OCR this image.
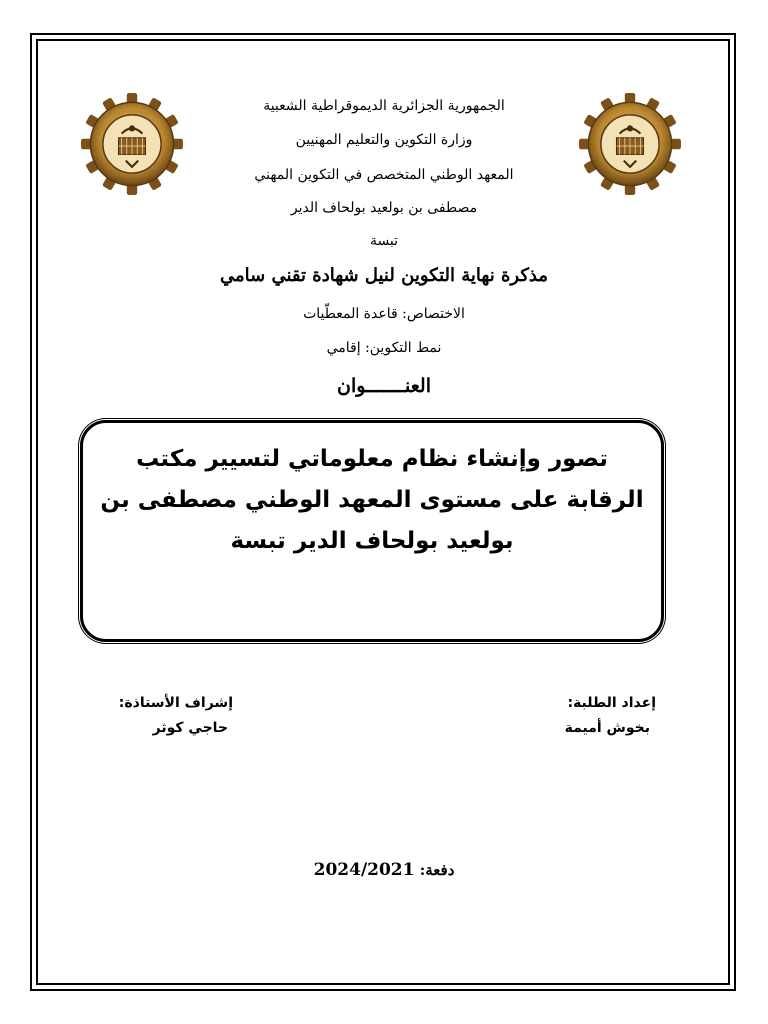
الجمهورية الجزائرية الديموقراطية الشعبية
وزارة التكوين والتعليم المهنيين
المعهد الوطني المتخصص في التكوين المهني
مصطفى بن بولعيد بولحاف الدير
تبسة
مذكرة نهاية التكوين لنيل شهادة تقني سامي
الاختصاص: قاعدة المعطّيات
نمط التكوين: إقامي
العنـــــــوان
تصور وإنشاء نظام معلوماتي لتسيير مكتب
الرقابة على مستوى المعهد الوطني مصطفى بن
بولعيد بولحاف الدير تبسة
إعداد الطلبة:
بخوش أميمة
إشراف الأستاذة:
حاجي كوثر
دفعة: 2024/2021
